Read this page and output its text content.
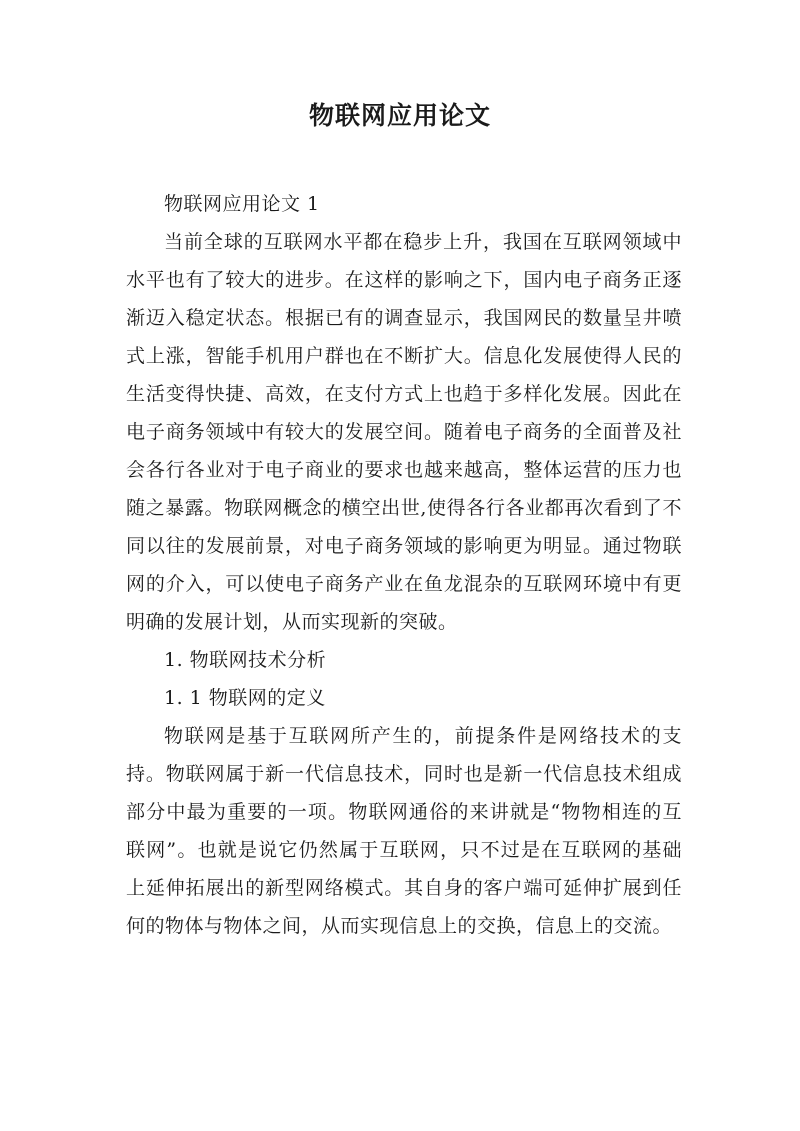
物联网应用论文

物联网应用论文 1

当前全球的互联网水平都在稳步上升，我国在互联网领域中水平也有了较大的进步。在这样的影响之下，国内电子商务正逐渐迈入稳定状态。根据已有的调查显示，我国网民的数量呈井喷式上涨，智能手机用户群也在不断扩大。信息化发展使得人民的生活变得快捷、高效，在支付方式上也趋于多样化发展。因此在电子商务领域中有较大的发展空间。随着电子商务的全面普及社会各行各业对于电子商业的要求也越来越高，整体运营的压力也随之暴露。物联网概念的横空出世,使得各行各业都再次看到了不同以往的发展前景，对电子商务领域的影响更为明显。通过物联网的介入，可以使电子商务产业在鱼龙混杂的互联网环境中有更明确的发展计划，从而实现新的突破。

1. 物联网技术分析

1. 1 物联网的定义

物联网是基于互联网所产生的，前提条件是网络技术的支持。物联网属于新一代信息技术，同时也是新一代信息技术组成部分中最为重要的一项。物联网通俗的来讲就是“物物相连的互联网”。也就是说它仍然属于互联网，只不过是在互联网的基础上延伸拓展出的新型网络模式。其自身的客户端可延伸扩展到任何的物体与物体之间，从而实现信息上的交换，信息上的交流。
